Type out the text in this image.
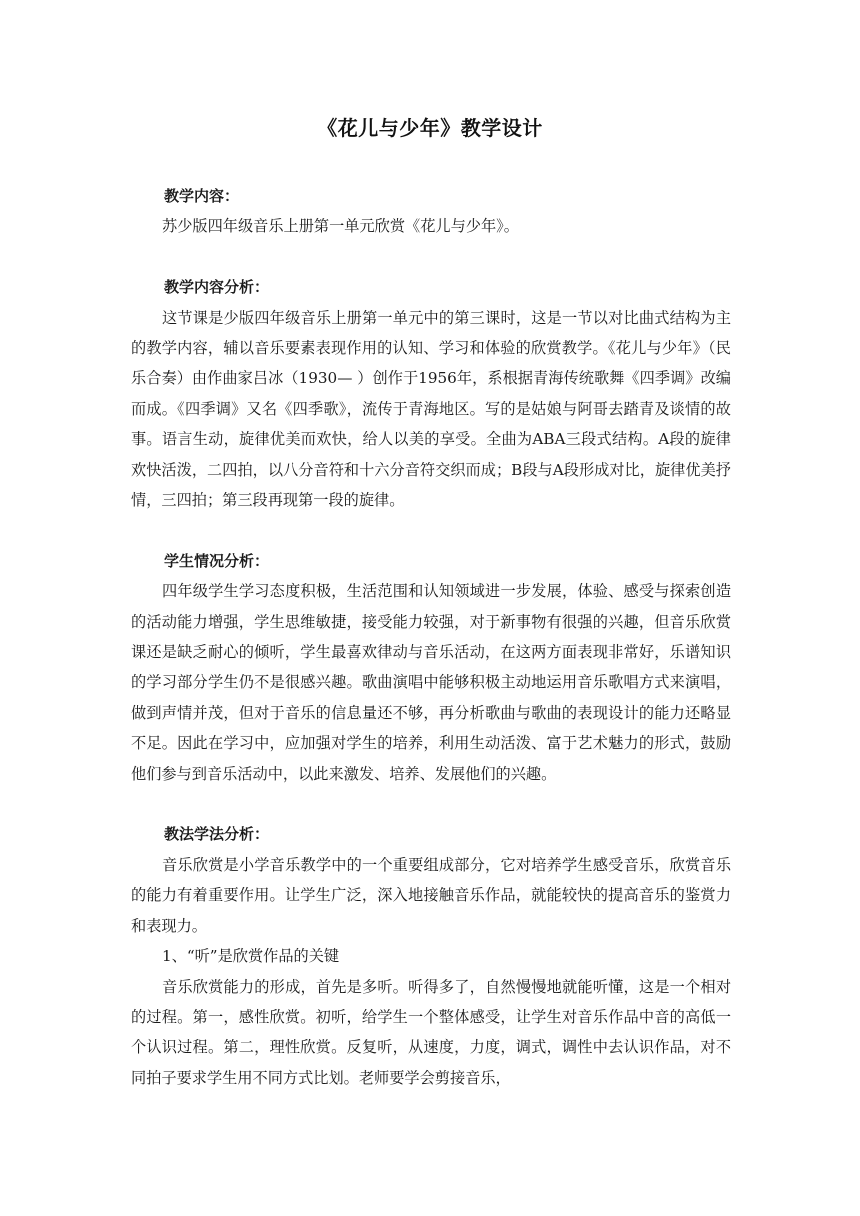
《花儿与少年》教学设计

教学内容：

苏少版四年级音乐上册第一单元欣赏《花儿与少年》。

教学内容分析：

这节课是少版四年级音乐上册第一单元中的第三课时，这是一节以对比曲式结构为主的教学内容，辅以音乐要素表现作用的认知、学习和体验的欣赏教学。《花儿与少年》（民乐合奏）由作曲家吕冰（1930— ）创作于1956年，系根据青海传统歌舞《四季调》改编而成。《四季调》又名《四季歌》，流传于青海地区。写的是姑娘与阿哥去踏青及谈情的故事。语言生动，旋律优美而欢快，给人以美的享受。全曲为ABA三段式结构。A段的旋律欢快活泼，二四拍，以八分音符和十六分音符交织而成；B段与A段形成对比，旋律优美抒情，三四拍；第三段再现第一段的旋律。

学生情况分析：

四年级学生学习态度积极，生活范围和认知领域进一步发展，体验、感受与探索创造的活动能力增强，学生思维敏捷，接受能力较强，对于新事物有很强的兴趣，但音乐欣赏课还是缺乏耐心的倾听，学生最喜欢律动与音乐活动，在这两方面表现非常好，乐谱知识的学习部分学生仍不是很感兴趣。歌曲演唱中能够积极主动地运用音乐歌唱方式来演唱，做到声情并茂，但对于音乐的信息量还不够，再分析歌曲与歌曲的表现设计的能力还略显不足。因此在学习中，应加强对学生的培养，利用生动活泼、富于艺术魅力的形式，鼓励他们参与到音乐活动中，以此来激发、培养、发展他们的兴趣。

教法学法分析：

音乐欣赏是小学音乐教学中的一个重要组成部分，它对培养学生感受音乐，欣赏音乐的能力有着重要作用。让学生广泛，深入地接触音乐作品，就能较快的提高音乐的鉴赏力和表现力。

1、“听”是欣赏作品的关键

音乐欣赏能力的形成，首先是多听。听得多了，自然慢慢地就能听懂，这是一个相对的过程。第一，感性欣赏。初听，给学生一个整体感受，让学生对音乐作品中音的高低一个认识过程。第二，理性欣赏。反复听，从速度，力度，调式，调性中去认识作品，对不同拍子要求学生用不同方式比划。老师要学会剪接音乐，
